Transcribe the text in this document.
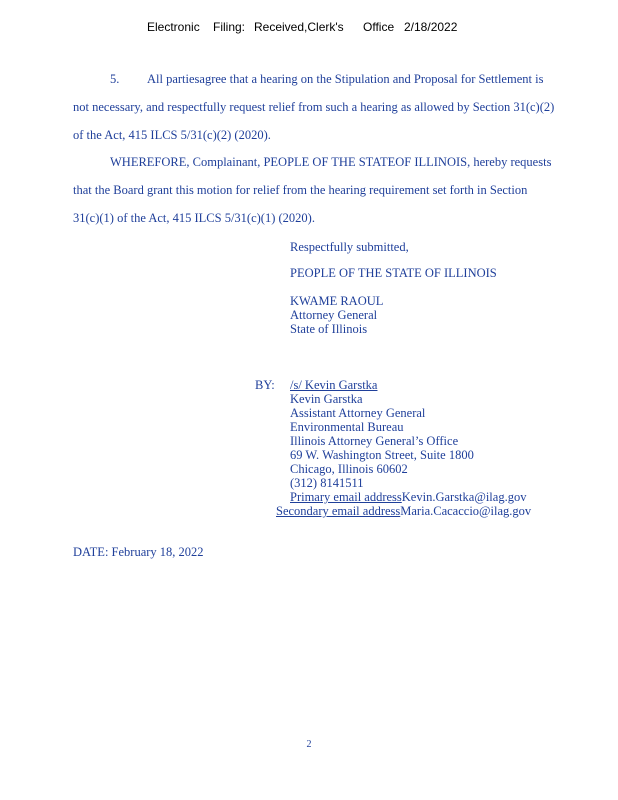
Electronic Filing: Received,Clerk's Office 2/18/2022
5. All partiesagree that a hearing on the Stipulation and Proposal for Settlement is
not necessary, and respectfully request relief from such a hearing as allowed by Section 31(c)(2)
of the Act, 415 ILCS 5/31(c)(2) (2020).
WHEREFORE, Complainant, PEOPLE OF THE STATEOF ILLINOIS, hereby requests
that the Board grant this motion for relief from the hearing requirement set forth in Section
31(c)(1) of the Act, 415 ILCS 5/31(c)(1) (2020).
Respectfully submitted,
PEOPLE OF THE STATE OF ILLINOIS
KWAME RAOUL
Attorney General
State of Illinois
BY: /s/ Kevin Garstka
Kevin Garstka
Assistant Attorney General
Environmental Bureau
Illinois Attorney General’s Office
69 W. Washington Street, Suite 1800
Chicago, Illinois 60602
(312) 8141511
Primary email addressKevin.Garstka@ilag.gov
Secondary email addressMaria.Cacaccio@ilag.gov
DATE: February 18, 2022
2
